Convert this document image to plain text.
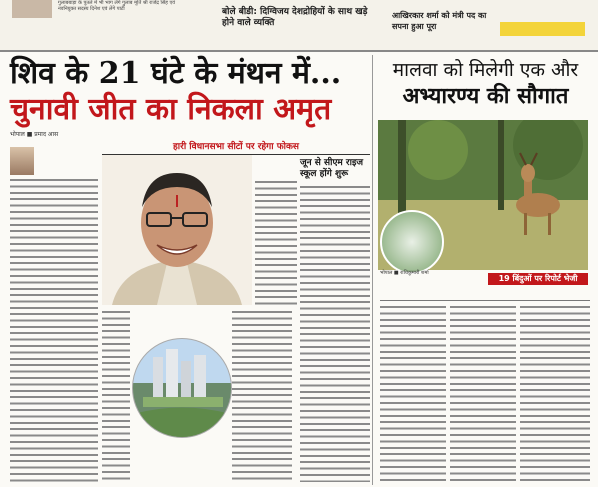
गुलाबबाड़ा के पुतले में भी भाग लेंगे गुलाब मूर्ति श्री राजेंद्र सिंह एवं नवनियुक्त सदस्य दिनेश एवं लेंगे पार्टी	बोले बीडी: दिग्विजय देशद्रोहियों के साथ खड़े होने वाले व्यक्ति
आखिरकार शर्मा को मंत्री पद का सपना हुआ पूरा
शिव के 21 घंटे के मंथन में...
चुनावी जीत का निकला अमृत
मालवा को मिलेगी एक और
अभ्यारण्य की सौगात
भोपाल ■ प्रमाद आस
हारी विधानसभा सीटों पर रहेगा फोकस
जून से सीएम राइज स्कूल होंगे शुरू
भोपाल ■ राधिकुमारी शर्मा
19 बिंदुओं पर रिपोर्ट भेजी
